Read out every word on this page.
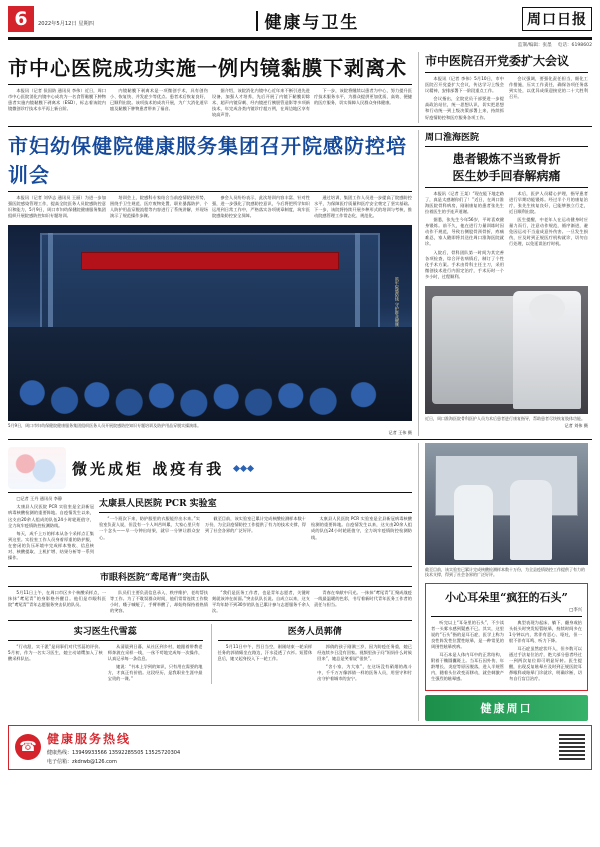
6	2022年5月12日 星期四	健康与卫生	周口日报
监制/编辑：张墨 电话：6198602
市中心医院成功实施一例内镜黏膜下剥离术

本报讯（记者 侯国防 通讯员 李伟）近日，周口市中心医院消化内镜中心成功为一名食管黏膜下肿物患者实施内镜黏膜下剥离术（ESD），标志着该院内镜微创诊疗技术水平再上新台阶。

内镜黏膜下剥离术是一项微创手术，具有创伤小、恢复快、并发症少等优点。患者术后恢复良好，已顺利出院。该项技术的成功开展，为广大消化道早癌及黏膜下肿物患者带来了福音。

据介绍，该院消化内镜中心近年来不断引进先进设备，加强人才培养，先后开展了内镜下黏膜切除术、超声内镜穿刺、经内镜逆行胰胆管造影等多项新技术，年完成各类内镜诊疗超万例，在周边地区享有较高声誉。

下一步，该院将继续以患者为中心，努力提升医疗技术服务水平，为群众提供更加优质、高效、便捷的医疗服务，切实保障人民群众身体健康。

市中医院召开党委扩大会议

本报讯（记者 李伟）5月10日，市中医院召开党委扩大会议，传达学习上级会议精神，安排部署下一阶段重点工作。

会议指出，全院党员干部要进一步提高政治站位，统一思想认识，切实把思想和行动统一到上级决策部署上来，持续抓好疫情防控和医疗服务各项工作。

会议强调，要强化责任担当，细化工作措施，压实工作责任，确保各项任务落到实处，以优异成绩迎接党的二十大胜利召开。

市妇幼保健院健康服务集团召开院感防控培训会

本报讯（记者 刘华志 通讯员 王丽）为进一步加强医院感染管理工作，提高全院医务人员院感防控意识和能力，5月9日，周口市妇幼保健院健康服务集团组织开展院感防控知识专题培训。

培训会上，院感科专家结合当前疫情防控形势，围绕手卫生规范、医疗废物处置、职业暴露防护、个人防护用品穿脱流程等内容进行了系统讲解，并现场演示了规范操作步骤。

参会人员纷纷表示，此次培训内容丰富、针对性强，进一步强化了院感防控意识，今后将把所学知识运用到日常工作中，严格落实各项规章制度，筑牢医院感染防控安全屏障。

通过培训，集团工作人员进一步提高了院感防控水平，为保障医疗质量和医疗安全奠定了坚实基础。下一步，该院将持续开展多种形式的培训与考核，推动院感管理工作常态化、规范化。

筑牢院感防线 守护群众健康
5月9日，周口市妇幼保健院健康服务集团组织医务人员开展院感防控知识专题培训及防护用品穿脱实操演练。
记者 王伟 摄
周口淮海医院
患者锻炼不当致骨折
医生妙手回春解病痛

本报讯（记者 王某）“现在能下地走路了，真是太感谢你们了！”近日，在周口淮海医院骨科病房，刚刚康复的患者张先生拉着医生的手连声道谢。

据悉，张先生今年56岁，平时喜欢健身锻炼。前不久，他在进行力量训练时因动作不规范，导致右侧股骨颈骨折，疼痛难忍，家人随即将其送往周口淮海医院就诊。

入院后，骨科团队第一时间为其完善各项检查，综合评估病情后，制订了个性化手术方案。手术由骨科主任主刀，采用微创技术进行内固定治疗，手术历时一个多小时，过程顺利。

术后，医护人员精心护理，指导患者进行早期功能锻炼。经过半个月的康复治疗，张先生恢复良好，已能够独立行走，近日顺利出院。

医生提醒，中老年人在运动健身时应量力而行，注意动作规范，循序渐进，避免因运动不当造成意外伤害。一旦发生损伤，应及时到正规医疗机构就诊，切勿自行处理，以免延误治疗时机。

近日，周口淮海医院骨科医护人员为术后患者进行康复指导，帮助患者尽快恢复肢体功能。
记者 刘伟 摄
微光成炬 战疫有我

□记者 王丹 通讯员 李静

太康县人民医院 PCR 实验室是全县新冠病毒核酸检测的重要阵地。自疫情发生以来，这支由20余人组成的队伍24小时轮班值守，全力筑牢疫情防控检测防线。

每天，成千上万的样本从各个采样点汇集到这里。实验室工作人员身着厚重的防护服，在密闭的负压环境中完成样本签收、信息核对、核酸提取、上机扩增、结果分析等一系列操作。

太康县人民医院 PCR 实验室

“一个班次下来，防护服里的衣服能拧出水来。”实验室负责人说，但没有一个人叫苦叫累，大家心里只有一个念头——早一分钟出结果，就早一分钟让群众安心。

截至目前，该实验室已累计完成核酸检测样本数十万份，为全县疫情防控工作提供了有力的技术支撑，得到了社会各界的广泛好评。

太康县人民医院 PCR 实验室是全县新冠病毒核酸检测的重要阵地。自疫情发生以来，这支由20余人组成的队伍24小时轮班值守，全力筑牢疫情防控检测防线。

市眼科医院“鸢尾青”突击队

5月11日上午，在周口市区多个核酸采样点，一抹抹“鸢尾青”的身影格外醒目。他们是市眼科医院“鸢尾青”青年志愿服务突击队的队员。

队员们主要负责信息录入、秩序维护、老幼帮扶等工作。为了不耽误群众时间，他们常常连续工作数小时，嗓子喊哑了，手臂举酸了，却始终保持着热情的笑容。

“我们是医务工作者，也是青年志愿者，关键时刻就该冲在前面。”突击队队长说。自成立以来，这支平均年龄不到30岁的队伍已累计参与志愿服务千余人次。

青春在奉献中闪光。一抹抹“鸢尾青”汇聚成战疫一线最温暖的色彩，书写着新时代青年医务工作者的责任与担当。

实习医生代雪蕊

“行动派、实干派”是同事们对代雪蕊的评价。5月初，作为一名实习医生，她主动请缨加入了核酸采样队伍。

从清晨到日暮，从社区到乡村，她跟着带教老师奔波在采样一线，一丝不苟地完成每一次操作，认真记录每一条信息。

她说：“书本上学到的知识，只有用在需要的地方，才真正有价值。这段经历，是我职业生涯中最宝贵的一课。”

医务人员郭倩

5月11日中午，烈日当空，刚刚结束一轮采样任务的郭倩瘫坐在路边，汗水浸透了衣衫。短暂休息后，她又起身投入下一轮工作。

郭倩的孩子刚满三岁，因为防疫任务重，她已经连续多日没有回家。视频里孩子问“妈妈什么时候回来”，她总是笑着说“很快”。

“舍小家、为大家”，在这场没有硝烟的战斗中，千千万万像郭倩一样的医务人员，用坚守和付出守护着城市的安宁。

截至目前，该实验室已累计完成核酸检测样本数十万份，为全县疫情防控工作提供了有力的技术支撑，得到了社会各界的广泛好评。
小心耳朵里“疯狂的石头”
□李兴

听完以上“耳朵里的石头”，不少读者一头雾水感到疑惑不已。其实，这里说的“石头”指的是耳石症，医学上称为良性阵发性位置性眩晕，是一种常见的周围性眩晕疾病。

耳石本是人体内耳中的正常结构，附着于椭圆囊斑上。当耳石因外伤、年龄增长、炎症等原因脱落，进入半规管内，随着头位改变而移动，就会刺激产生强烈的眩晕感。

典型表现为起床、躺下、翻身或抬头低头时突发短暂眩晕，持续时间多在1分钟以内，常伴有恶心、呕吐，但一般不伴有耳鸣、听力下降。

耳石症虽然症状吓人，但多数可以通过手法复位治疗，绝大部分患者经过一到两次复位即可明显好转。医生提醒，出现反复眩晕应及时到正规医院耳鼻喉科或眩晕门诊就诊，明确诊断，切勿自行盲目治疗。

健康周口
☎
健康服务热线
健康热线：13949933566 13592285505 13525720304
电子信箱：zkdrwb@126.com
